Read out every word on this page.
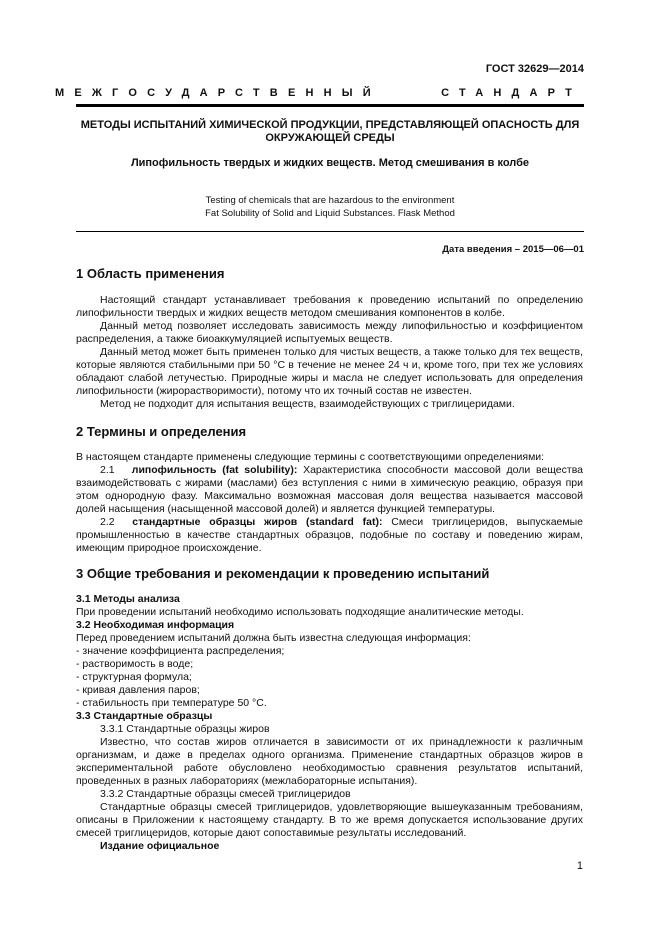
ГОСТ 32629—2014
МЕЖГОСУДАРСТВЕННЫЙ	СТАНДАРТ
МЕТОДЫ ИСПЫТАНИЙ ХИМИЧЕСКОЙ ПРОДУКЦИИ, ПРЕДСТАВЛЯЮЩЕЙ ОПАСНОСТЬ ДЛЯ
ОКРУЖАЮЩЕЙ СРЕДЫ
Липофильность твердых и жидких веществ. Метод смешивания в колбе
Testing of chemicals that are hazardous to the environment
Fat Solubility of Solid and Liquid Substances. Flask Method
Дата введения – 2015—06—01
1 Область применения
Настоящий стандарт устанавливает требования к проведению испытаний по определению липофильности твердых и жидких веществ методом смешивания компонентов в колбе.
Данный метод позволяет исследовать зависимость между липофильностью и коэффициентом распределения, а также биоаккумуляцией испытуемых веществ.
Данный метод может быть применен только для чистых веществ, а также только для тех веществ, которые являются стабильными при 50 °С в течение не менее 24 ч и, кроме того, при тех же условиях обладают слабой летучестью. Природные жиры и масла не следует использовать для определения липофильности (жирорастворимости), потому что их точный состав не известен.
Метод не подходит для испытания веществ, взаимодействующих с триглицеридами.
2 Термины и определения
В настоящем стандарте применены следующие термины с соответствующими определениями:
2.1 липофильность (fat solubility): Характеристика способности массовой доли вещества взаимодействовать с жирами (маслами) без вступления с ними в химическую реакцию, образуя при этом однородную фазу. Максимально возможная массовая доля вещества называется массовой долей насыщения (насыщенной массовой долей) и является функцией температуры.
2.2 стандартные образцы жиров (standard fat): Смеси триглицеридов, выпускаемые промышленностью в качестве стандартных образцов, подобные по составу и поведению жирам, имеющим природное происхождение.
3 Общие требования и рекомендации к проведению испытаний
3.1 Методы анализа
При проведении испытаний необходимо использовать подходящие аналитические методы.
3.2 Необходимая информация
Перед проведением испытаний должна быть известна следующая информация:
- значение коэффициента распределения;
- растворимость в воде;
- структурная формула;
- кривая давления паров;
- стабильность при температуре 50 °С.
3.3 Стандартные образцы
3.3.1 Стандартные образцы жиров
Известно, что состав жиров отличается в зависимости от их принадлежности к различным организмам, и даже в пределах одного организма. Применение стандартных образцов жиров в экспериментальной работе обусловлено необходимостью сравнения результатов испытаний, проведенных в разных лабораториях (межлабораторные испытания).
3.3.2 Стандартные образцы смесей триглицеридов
Стандартные образцы смесей триглицеридов, удовлетворяющие вышеуказанным требованиям, описаны в Приложении к настоящему стандарту. В то же время допускается использование других смесей триглицеридов, которые дают сопоставимые результаты исследований.
Издание официальное
1
